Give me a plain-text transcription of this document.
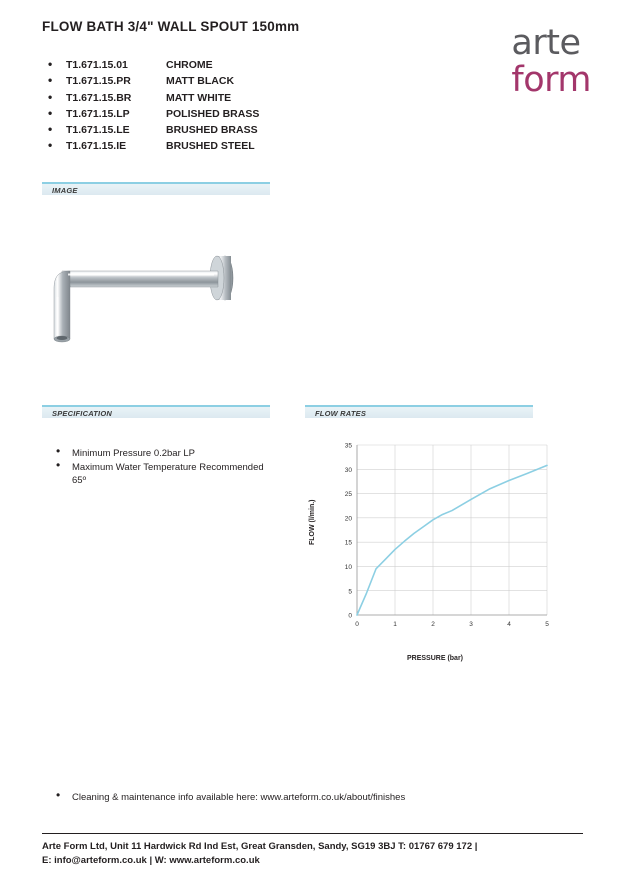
FLOW BATH 3/4" WALL SPOUT 150mm	arte
form
• T1.671.15.01	CHROME
• T1.671.15.PR	MATT BLACK
• T1.671.15.BR	MATT WHITE
• T1.671.15.LP	POLISHED BRASS
• T1.671.15.LE	BRUSHED BRASS
• T1.671.15.IE	BRUSHED STEEL
IMAGE
SPECIFICATION
• Minimum Pressure 0.2bar LP
• Maximum Water Temperature Recommended 65º
FLOW RATES
FLOW (l/min.)
PRESSURE (bar)
0
5
10
15
20
25
30
35
0	1	2	3	4	5
• Cleaning & maintenance info available here: www.arteform.co.uk/about/finishes
Arte Form Ltd, Unit 11 Hardwick Rd Ind Est, Great Gransden, Sandy, SG19 3BJ T: 01767 679 172 |
E: info@arteform.co.uk | W: www.arteform.co.uk
